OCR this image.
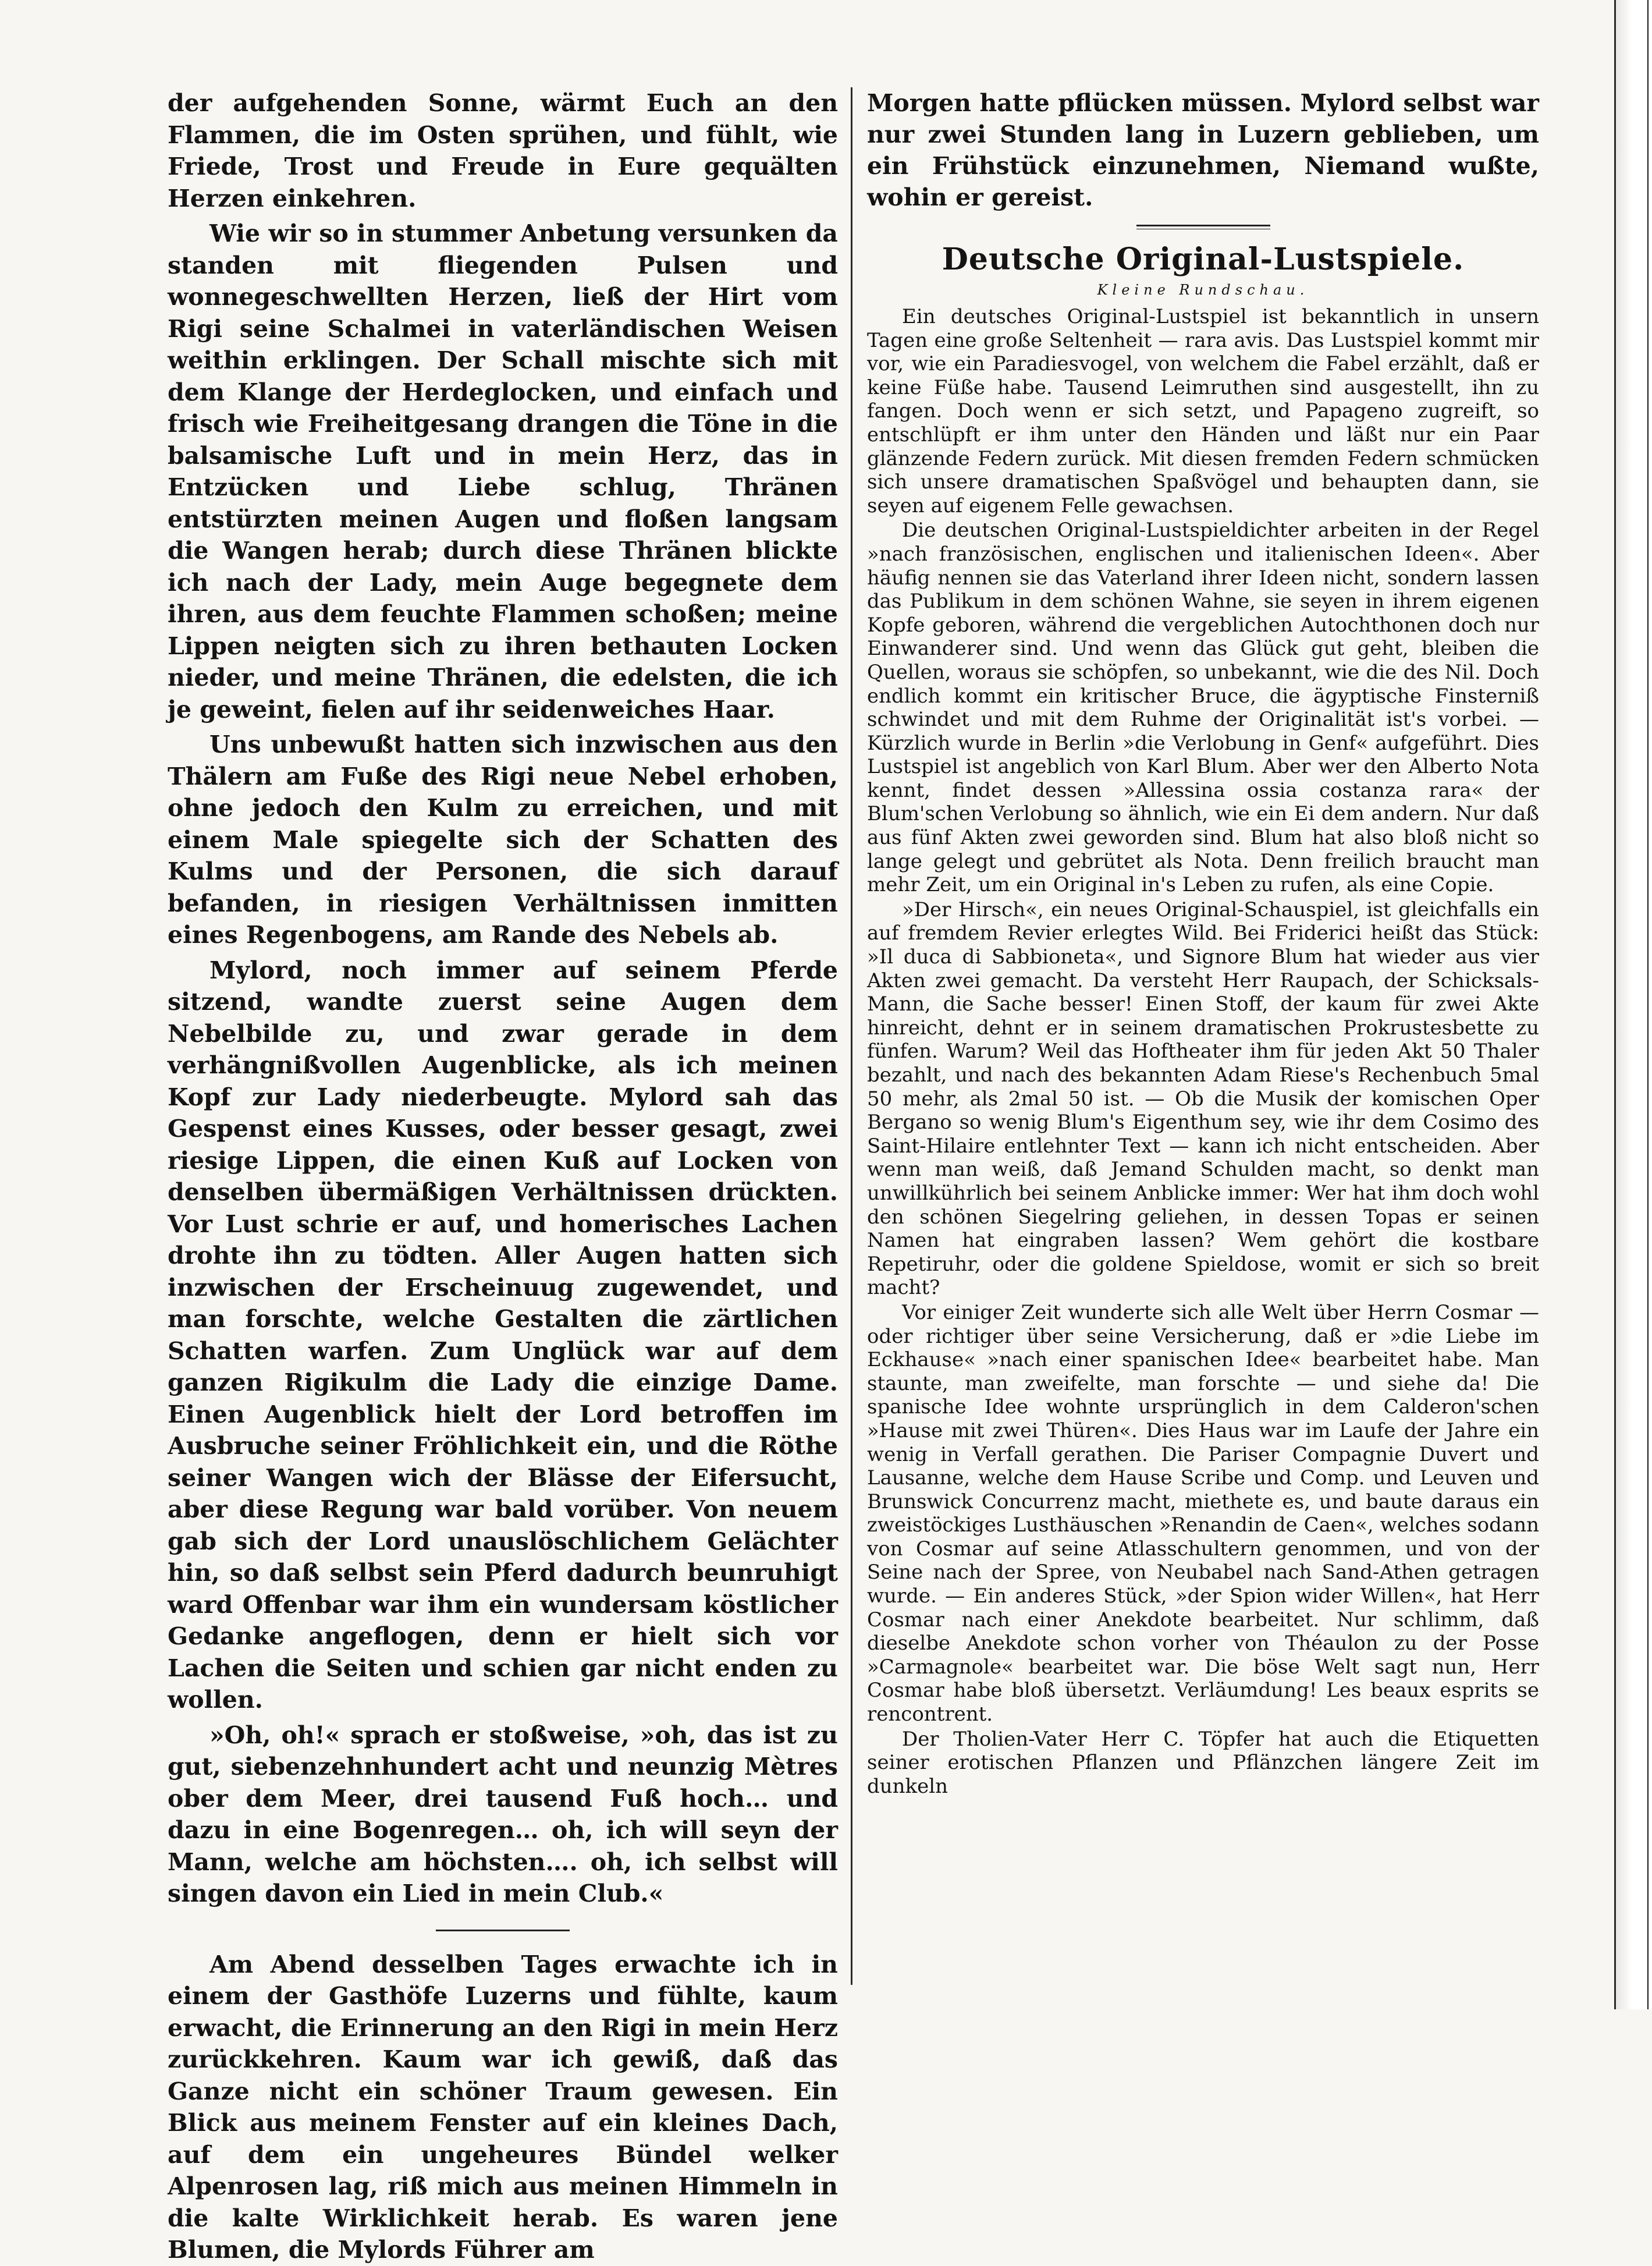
der aufgehenden Sonne, wärmt Euch an den Flammen, die im Osten sprühen, und fühlt, wie Friede, Trost und Freude in Eure gequälten Herzen einkehren.

Wie wir so in stummer Anbetung versunken da standen mit fliegenden Pulsen und wonnegeschwellten Herzen, ließ der Hirt vom Rigi seine Schalmei in vaterländischen Weisen weithin erklingen. Der Schall mischte sich mit dem Klange der Herdeglocken, und einfach und frisch wie Freiheitgesang drangen die Töne in die balsamische Luft und in mein Herz, das in Entzücken und Liebe schlug, Thränen entstürzten meinen Augen und floßen langsam die Wangen herab; durch diese Thränen blickte ich nach der Lady, mein Auge begegnete dem ihren, aus dem feuchte Flammen schoßen; meine Lippen neigten sich zu ihren bethauten Locken nieder, und meine Thränen, die edelsten, die ich je geweint, fielen auf ihr seidenweiches Haar.

Uns unbewußt hatten sich inzwischen aus den Thälern am Fuße des Rigi neue Nebel erhoben, ohne jedoch den Kulm zu erreichen, und mit einem Male spiegelte sich der Schatten des Kulms und der Personen, die sich darauf befanden, in riesigen Verhältnissen inmitten eines Regenbogens, am Rande des Nebels ab.

Mylord, noch immer auf seinem Pferde sitzend, wandte zuerst seine Augen dem Nebelbilde zu, und zwar gerade in dem verhängnißvollen Augenblicke, als ich meinen Kopf zur Lady niederbeugte. Mylord sah das Gespenst eines Kusses, oder besser gesagt, zwei riesige Lippen, die einen Kuß auf Locken von denselben übermäßigen Verhältnissen drückten. Vor Lust schrie er auf, und homerisches Lachen drohte ihn zu tödten. Aller Augen hatten sich inzwischen der Erscheinuug zugewendet, und man forschte, welche Gestalten die zärtlichen Schatten warfen. Zum Unglück war auf dem ganzen Rigikulm die Lady die einzige Dame. Einen Augenblick hielt der Lord betroffen im Ausbruche seiner Fröhlichkeit ein, und die Röthe seiner Wangen wich der Blässe der Eifersucht, aber diese Regung war bald vorüber. Von neuem gab sich der Lord unauslöschlichem Gelächter hin, so daß selbst sein Pferd dadurch beunruhigt ward Offenbar war ihm ein wundersam köstlicher Gedanke angeflogen, denn er hielt sich vor Lachen die Seiten und schien gar nicht enden zu wollen.

»Oh, oh!« sprach er stoßweise, »oh, das ist zu gut, siebenzehnhundert acht und neunzig Mètres ober dem Meer, drei tausend Fuß hoch… und dazu in eine Bogenregen… oh, ich will seyn der Mann, welche am höchsten…. oh, ich selbst will singen davon ein Lied in mein Club.«

Am Abend desselben Tages erwachte ich in einem der Gasthöfe Luzerns und fühlte, kaum erwacht, die Erinnerung an den Rigi in mein Herz zurückkehren. Kaum war ich gewiß, daß das Ganze nicht ein schöner Traum gewesen. Ein Blick aus meinem Fenster auf ein kleines Dach, auf dem ein ungeheures Bündel welker Alpenrosen lag, riß mich aus meinen Himmeln in die kalte Wirklichkeit herab. Es waren jene Blumen, die Mylords Führer am

Morgen hatte pflücken müssen. Mylord selbst war nur zwei Stunden lang in Luzern geblieben, um ein Frühstück einzunehmen, Niemand wußte, wohin er gereist.

Deutsche Original-Lustspiele.
Kleine Rundschau.

Ein deutsches Original-Lustspiel ist bekanntlich in unsern Tagen eine große Seltenheit — rara avis. Das Lustspiel kommt mir vor, wie ein Paradiesvogel, von welchem die Fabel erzählt, daß er keine Füße habe. Tausend Leimruthen sind ausgestellt, ihn zu fangen. Doch wenn er sich setzt, und Papageno zugreift, so entschlüpft er ihm unter den Händen und läßt nur ein Paar glänzende Federn zurück. Mit diesen fremden Federn schmücken sich unsere dramatischen Spaßvögel und behaupten dann, sie seyen auf eigenem Felle gewachsen.

Die deutschen Original-Lustspieldichter arbeiten in der Regel »nach französischen, englischen und italienischen Ideen«. Aber häufig nennen sie das Vaterland ihrer Ideen nicht, sondern lassen das Publikum in dem schönen Wahne, sie seyen in ihrem eigenen Kopfe geboren, während die vergeblichen Autochthonen doch nur Einwanderer sind. Und wenn das Glück gut geht, bleiben die Quellen, woraus sie schöpfen, so unbekannt, wie die des Nil. Doch endlich kommt ein kritischer Bruce, die ägyptische Finsterniß schwindet und mit dem Ruhme der Originalität ist's vorbei. — Kürzlich wurde in Berlin »die Verlobung in Genf« aufgeführt. Dies Lustspiel ist angeblich von Karl Blum. Aber wer den Alberto Nota kennt, findet dessen »Allessina ossia costanza rara« der Blum'schen Verlobung so ähnlich, wie ein Ei dem andern. Nur daß aus fünf Akten zwei geworden sind. Blum hat also bloß nicht so lange gelegt und gebrütet als Nota. Denn freilich braucht man mehr Zeit, um ein Original in's Leben zu rufen, als eine Copie.

»Der Hirsch«, ein neues Original-Schauspiel, ist gleichfalls ein auf fremdem Revier erlegtes Wild. Bei Friderici heißt das Stück: »Il duca di Sabbioneta«, und Signore Blum hat wieder aus vier Akten zwei gemacht. Da versteht Herr Raupach, der Schicksals-Mann, die Sache besser! Einen Stoff, der kaum für zwei Akte hinreicht, dehnt er in seinem dramatischen Prokrustesbette zu fünfen. Warum? Weil das Hoftheater ihm für jeden Akt 50 Thaler bezahlt, und nach des bekannten Adam Riese's Rechenbuch 5mal 50 mehr, als 2mal 50 ist. — Ob die Musik der komischen Oper Bergano so wenig Blum's Eigenthum sey, wie ihr dem Cosimo des Saint-Hilaire entlehnter Text — kann ich nicht entscheiden. Aber wenn man weiß, daß Jemand Schulden macht, so denkt man unwillkührlich bei seinem Anblicke immer: Wer hat ihm doch wohl den schönen Siegelring geliehen, in dessen Topas er seinen Namen hat eingraben lassen? Wem gehört die kostbare Repetiruhr, oder die goldene Spieldose, womit er sich so breit macht?

Vor einiger Zeit wunderte sich alle Welt über Herrn Cosmar — oder richtiger über seine Versicherung, daß er »die Liebe im Eckhause« »nach einer spanischen Idee« bearbeitet habe. Man staunte, man zweifelte, man forschte — und siehe da! Die spanische Idee wohnte ursprünglich in dem Calderon'schen »Hause mit zwei Thüren«. Dies Haus war im Laufe der Jahre ein wenig in Verfall gerathen. Die Pariser Compagnie Duvert und Lausanne, welche dem Hause Scribe und Comp. und Leuven und Brunswick Concurrenz macht, miethete es, und baute daraus ein zweistöckiges Lusthäuschen »Renandin de Caen«, welches sodann von Cosmar auf seine Atlasschultern genommen, und von der Seine nach der Spree, von Neubabel nach Sand-Athen getragen wurde. — Ein anderes Stück, »der Spion wider Willen«, hat Herr Cosmar nach einer Anekdote bearbeitet. Nur schlimm, daß dieselbe Anekdote schon vorher von Théaulon zu der Posse »Carmagnole« bearbeitet war. Die böse Welt sagt nun, Herr Cosmar habe bloß übersetzt. Verläumdung! Les beaux esprits se rencontrent.

Der Tholien-Vater Herr C. Töpfer hat auch die Etiquetten seiner erotischen Pflanzen und Pflänzchen längere Zeit im dunkeln
